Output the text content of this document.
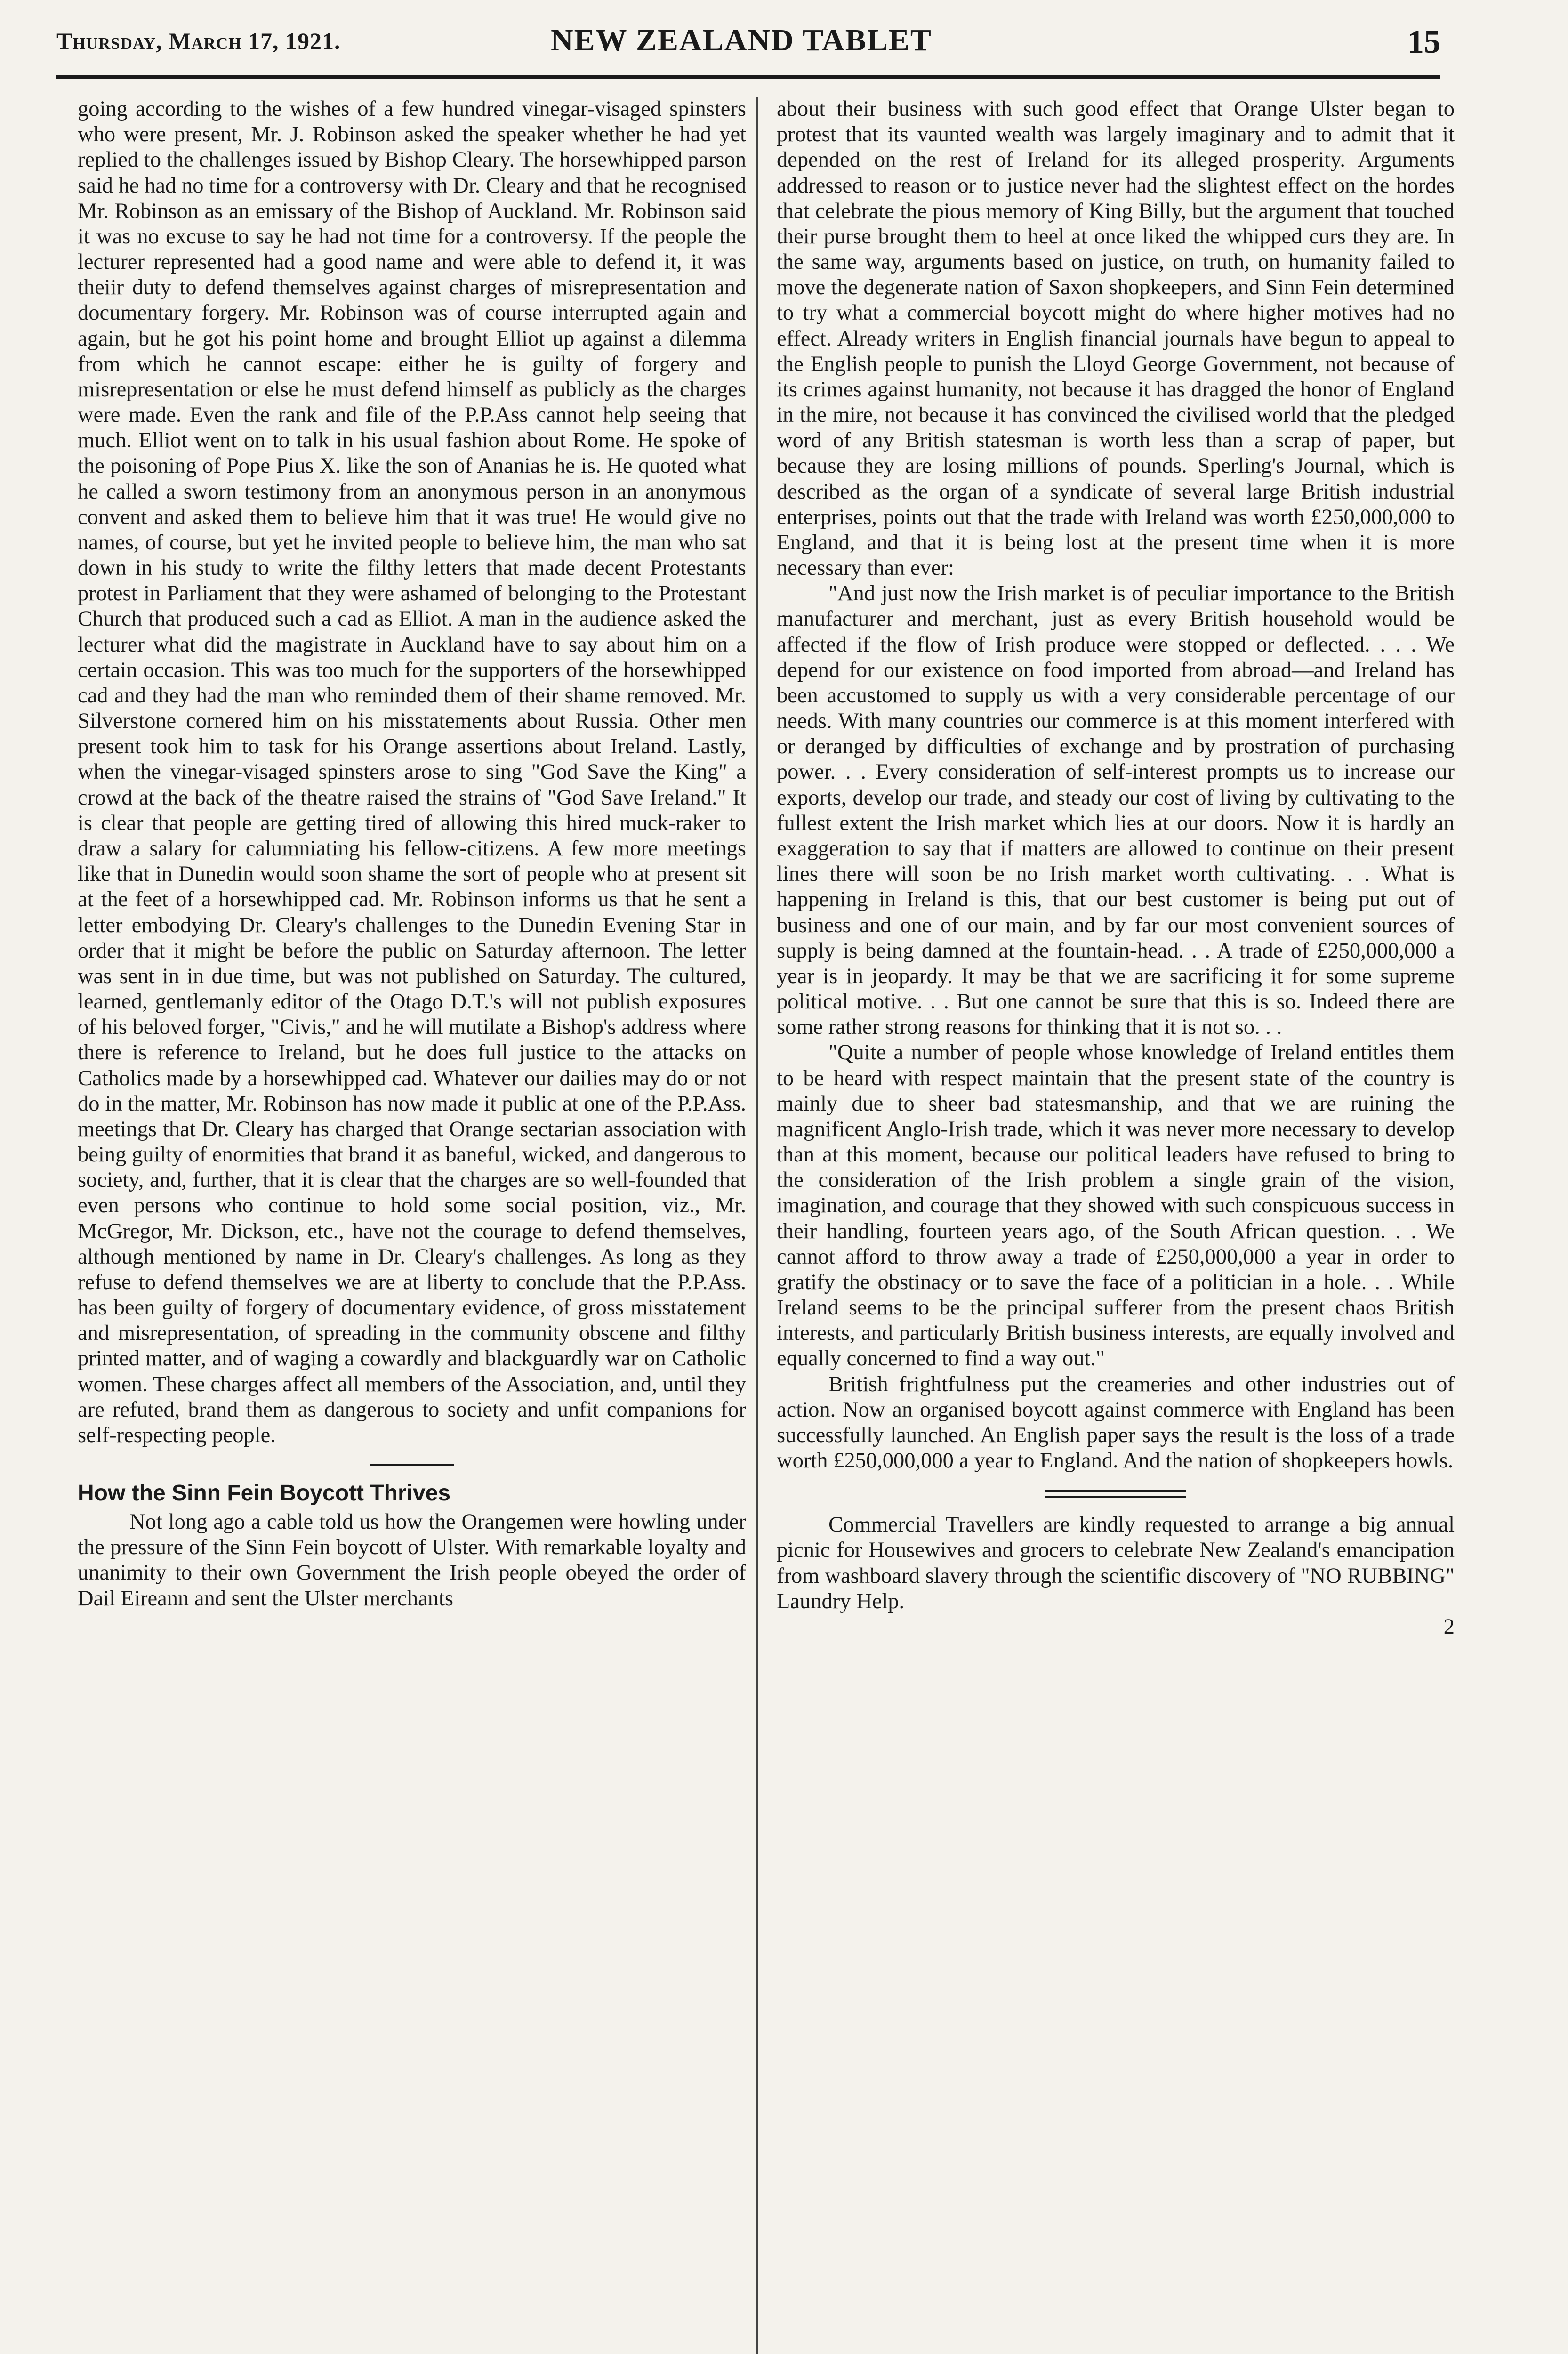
Thursday, March 17, 1921.	NEW ZEALAND TABLET	15

going according to the wishes of a few hundred vinegar-visaged spinsters who were present, Mr. J. Robinson asked the speaker whether he had yet replied to the challenges issued by Bishop Cleary. The horsewhipped parson said he had no time for a controversy with Dr. Cleary and that he recognised Mr. Robinson as an emissary of the Bishop of Auckland. Mr. Robinson said it was no excuse to say he had not time for a controversy. If the people the lecturer represented had a good name and were able to defend it, it was theiir duty to defend themselves against charges of misrepresentation and documentary forgery. Mr. Robinson was of course interrupted again and again, but he got his point home and brought Elliot up against a dilemma from which he cannot escape: either he is guilty of forgery and misrepresentation or else he must defend himself as publicly as the charges were made. Even the rank and file of the P.P.Ass cannot help seeing that much. Elliot went on to talk in his usual fashion about Rome. He spoke of the poisoning of Pope Pius X. like the son of Ananias he is. He quoted what he called a sworn testimony from an anonymous person in an anonymous convent and asked them to believe him that it was true! He would give no names, of course, but yet he invited people to believe him, the man who sat down in his study to write the filthy letters that made decent Protestants protest in Parliament that they were ashamed of belonging to the Protestant Church that produced such a cad as Elliot. A man in the audience asked the lecturer what did the magistrate in Auckland have to say about him on a certain occasion. This was too much for the supporters of the horsewhipped cad and they had the man who reminded them of their shame removed. Mr. Silverstone cornered him on his misstatements about Russia. Other men present took him to task for his Orange assertions about Ireland. Lastly, when the vinegar-visaged spinsters arose to sing "God Save the King" a crowd at the back of the theatre raised the strains of "God Save Ireland." It is clear that people are getting tired of allowing this hired muck-raker to draw a salary for calumniating his fellow-citizens. A few more meetings like that in Dunedin would soon shame the sort of people who at present sit at the feet of a horsewhipped cad. Mr. Robinson informs us that he sent a letter embodying Dr. Cleary's challenges to the Dunedin Evening Star in order that it might be before the public on Saturday afternoon. The letter was sent in in due time, but was not published on Saturday. The cultured, learned, gentlemanly editor of the Otago D.T.'s will not publish exposures of his beloved forger, "Civis," and he will mutilate a Bishop's address where there is reference to Ireland, but he does full justice to the attacks on Catholics made by a horsewhipped cad. Whatever our dailies may do or not do in the matter, Mr. Robinson has now made it public at one of the P.P.Ass. meetings that Dr. Cleary has charged that Orange sectarian association with being guilty of enormities that brand it as baneful, wicked, and dangerous to society, and, further, that it is clear that the charges are so well-founded that even persons who continue to hold some social position, viz., Mr. McGregor, Mr. Dickson, etc., have not the courage to defend themselves, although mentioned by name in Dr. Cleary's challenges. As long as they refuse to defend themselves we are at liberty to conclude that the P.P.Ass. has been guilty of forgery of documentary evidence, of gross misstatement and misrepresentation, of spreading in the community obscene and filthy printed matter, and of waging a cowardly and blackguardly war on Catholic women. These charges affect all members of the Association, and, until they are refuted, brand them as dangerous to society and unfit companions for self-respecting people.

How the Sinn Fein Boycott Thrives

Not long ago a cable told us how the Orangemen were howling under the pressure of the Sinn Fein boycott of Ulster. With remarkable loyalty and unanimity to their own Government the Irish people obeyed the order of Dail Eireann and sent the Ulster merchants

about their business with such good effect that Orange Ulster began to protest that its vaunted wealth was largely imaginary and to admit that it depended on the rest of Ireland for its alleged prosperity. Arguments addressed to reason or to justice never had the slightest effect on the hordes that celebrate the pious memory of King Billy, but the argument that touched their purse brought them to heel at once liked the whipped curs they are. In the same way, arguments based on justice, on truth, on humanity failed to move the degenerate nation of Saxon shopkeepers, and Sinn Fein determined to try what a commercial boycott might do where higher motives had no effect. Already writers in English financial journals have begun to appeal to the English people to punish the Lloyd George Government, not because of its crimes against humanity, not because it has dragged the honor of England in the mire, not because it has convinced the civilised world that the pledged word of any British statesman is worth less than a scrap of paper, but because they are losing millions of pounds. Sperling's Journal, which is described as the organ of a syndicate of several large British industrial enterprises, points out that the trade with Ireland was worth £250,000,000 to England, and that it is being lost at the present time when it is more necessary than ever:

"And just now the Irish market is of peculiar importance to the British manufacturer and merchant, just as every British household would be affected if the flow of Irish produce were stopped or deflected. . . . We depend for our existence on food imported from abroad—and Ireland has been accustomed to supply us with a very considerable percentage of our needs. With many countries our commerce is at this moment interfered with or deranged by difficulties of exchange and by prostration of purchasing power. . . Every consideration of self-interest prompts us to increase our exports, develop our trade, and steady our cost of living by cultivating to the fullest extent the Irish market which lies at our doors. Now it is hardly an exaggeration to say that if matters are allowed to continue on their present lines there will soon be no Irish market worth cultivating. . . What is happening in Ireland is this, that our best customer is being put out of business and one of our main, and by far our most convenient sources of supply is being damned at the fountain-head. . . A trade of £250,000,000 a year is in jeopardy. It may be that we are sacrificing it for some supreme political motive. . . But one cannot be sure that this is so. Indeed there are some rather strong reasons for thinking that it is not so. . .

"Quite a number of people whose knowledge of Ireland entitles them to be heard with respect maintain that the present state of the country is mainly due to sheer bad statesmanship, and that we are ruining the magnificent Anglo-Irish trade, which it was never more necessary to develop than at this moment, because our political leaders have refused to bring to the consideration of the Irish problem a single grain of the vision, imagination, and courage that they showed with such conspicuous success in their handling, fourteen years ago, of the South African question. . . We cannot afford to throw away a trade of £250,000,000 a year in order to gratify the obstinacy or to save the face of a politician in a hole. . . While Ireland seems to be the principal sufferer from the present chaos British interests, and particularly British business interests, are equally involved and equally concerned to find a way out."

British frightfulness put the creameries and other industries out of action. Now an organised boycott against commerce with England has been successfully launched. An English paper says the result is the loss of a trade worth £250,000,000 a year to England. And the nation of shopkeepers howls.

Commercial Travellers are kindly requested to arrange a big annual picnic for Housewives and grocers to celebrate New Zealand's emancipation from washboard slavery through the scientific discovery of "NO RUBBING" Laundry Help.

2
